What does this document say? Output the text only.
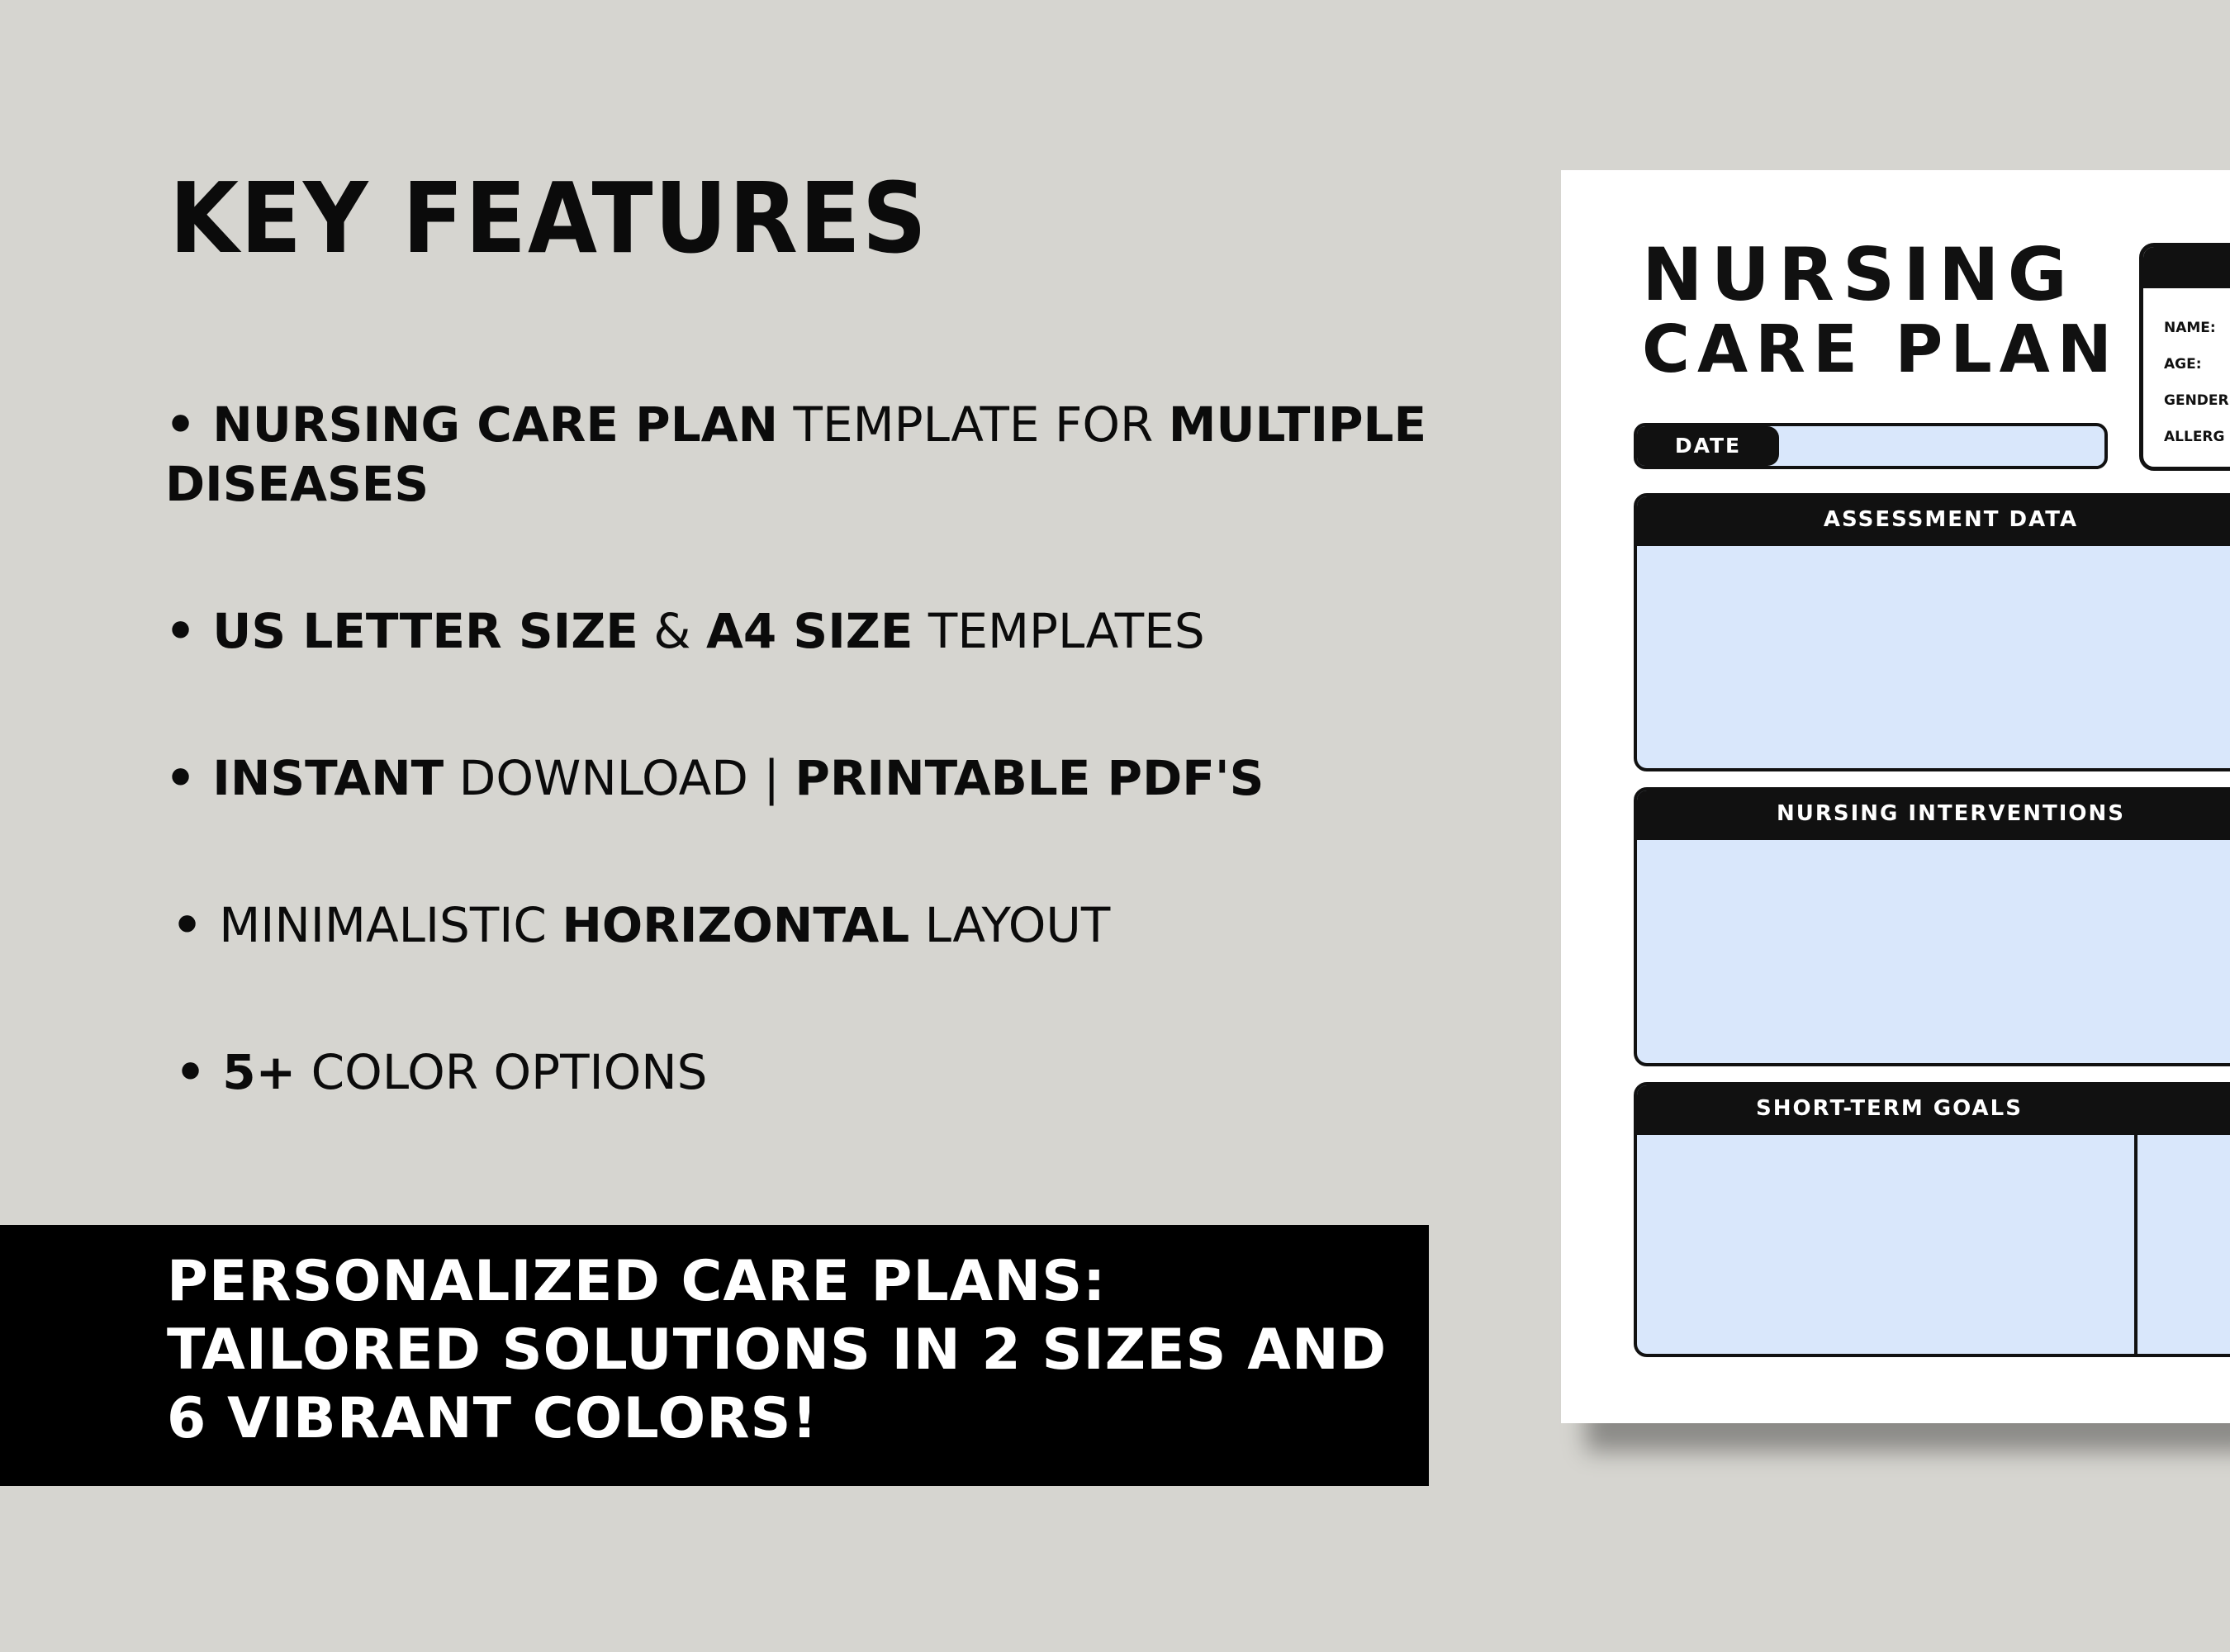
KEY FEATURES
• NURSING CARE PLAN TEMPLATE FOR MULTIPLE DISEASES
• US LETTER SIZE & A4 SIZE TEMPLATES
• INSTANT DOWNLOAD | PRINTABLE PDF'S
• MINIMALISTIC HORIZONTAL LAYOUT
• 5+ COLOR OPTIONS
PERSONALIZED CARE PLANS:
TAILORED SOLUTIONS IN 2 SIZES AND
6 VIBRANT COLORS!
NURSING
CARE PLAN	NAME:
AGE:
GENDER
ALLERG
DATE
ASSESSMENT DATA
NURSING INTERVENTIONS
SHORT-TERM GOALS
